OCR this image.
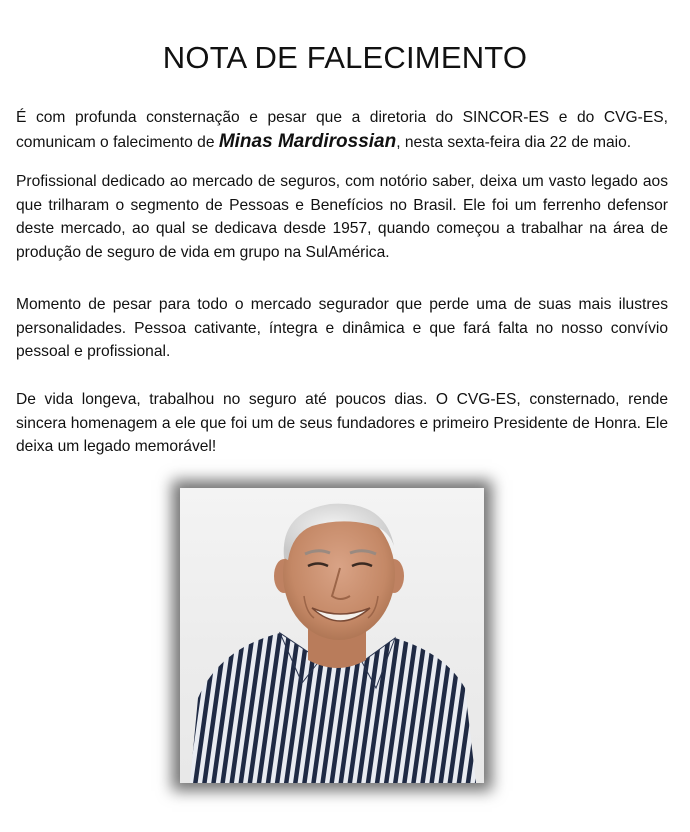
NOTA DE FALECIMENTO

É com profunda consternação e pesar que a diretoria do SINCOR-ES e do CVG-ES, comunicam o falecimento de Minas Mardirossian, nesta sexta-feira dia 22 de maio.

Profissional dedicado ao mercado de seguros, com notório saber, deixa um vasto legado aos que trilharam o segmento de Pessoas e Benefícios no Brasil. Ele foi um ferrenho defensor deste mercado, ao qual se dedicava desde 1957, quando começou a trabalhar na área de produção de seguro de vida em grupo na SulAmérica.

Momento de pesar para todo o mercado segurador que perde uma de suas mais ilustres personalidades. Pessoa cativante, íntegra e dinâmica e que fará falta no nosso convívio pessoal e profissional.

De vida longeva, trabalhou no seguro até poucos dias. O CVG-ES, consternado, rende sincera homenagem a ele que foi um de seus fundadores e primeiro Presidente de Honra. Ele deixa um legado memorável!
